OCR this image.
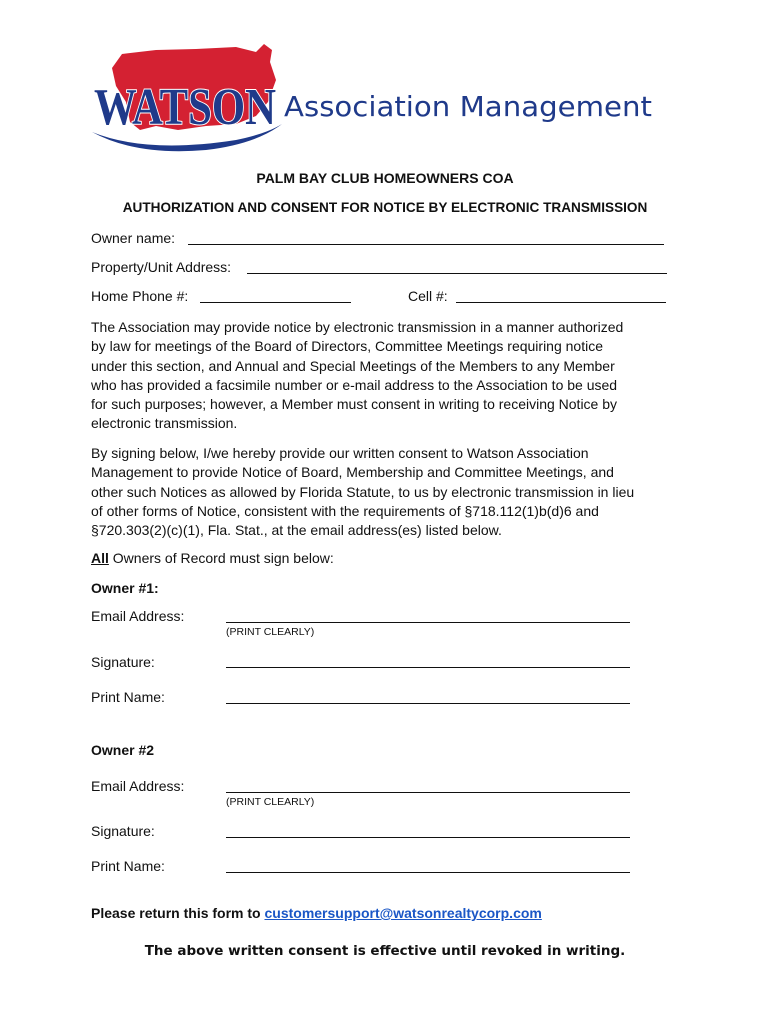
WATSON Association Management
PALM BAY CLUB HOMEOWNERS COA
AUTHORIZATION AND CONSENT FOR NOTICE BY ELECTRONIC TRANSMISSION
Owner name:
Property/Unit Address:
Home Phone #:	Cell #:
The Association may provide notice by electronic transmission in a manner authorized
by law for meetings of the Board of Directors, Committee Meetings requiring notice
under this section, and Annual and Special Meetings of the Members to any Member
who has provided a facsimile number or e-mail address to the Association to be used
for such purposes; however, a Member must consent in writing to receiving Notice by
electronic transmission.
By signing below, I/we hereby provide our written consent to Watson Association
Management to provide Notice of Board, Membership and Committee Meetings, and
other such Notices as allowed by Florida Statute, to us by electronic transmission in lieu
of other forms of Notice, consistent with the requirements of §718.112(1)b(d)6 and
§720.303(2)(c)(1), Fla. Stat., at the email address(es) listed below.
All Owners of Record must sign below:
Owner #1:
Email Address:
(PRINT CLEARLY)
Signature:
Print Name:
Owner #2
Email Address:
(PRINT CLEARLY)
Signature:
Print Name:
Please return this form to customersupport@watsonrealtycorp.com
The above written consent is effective until revoked in writing.
